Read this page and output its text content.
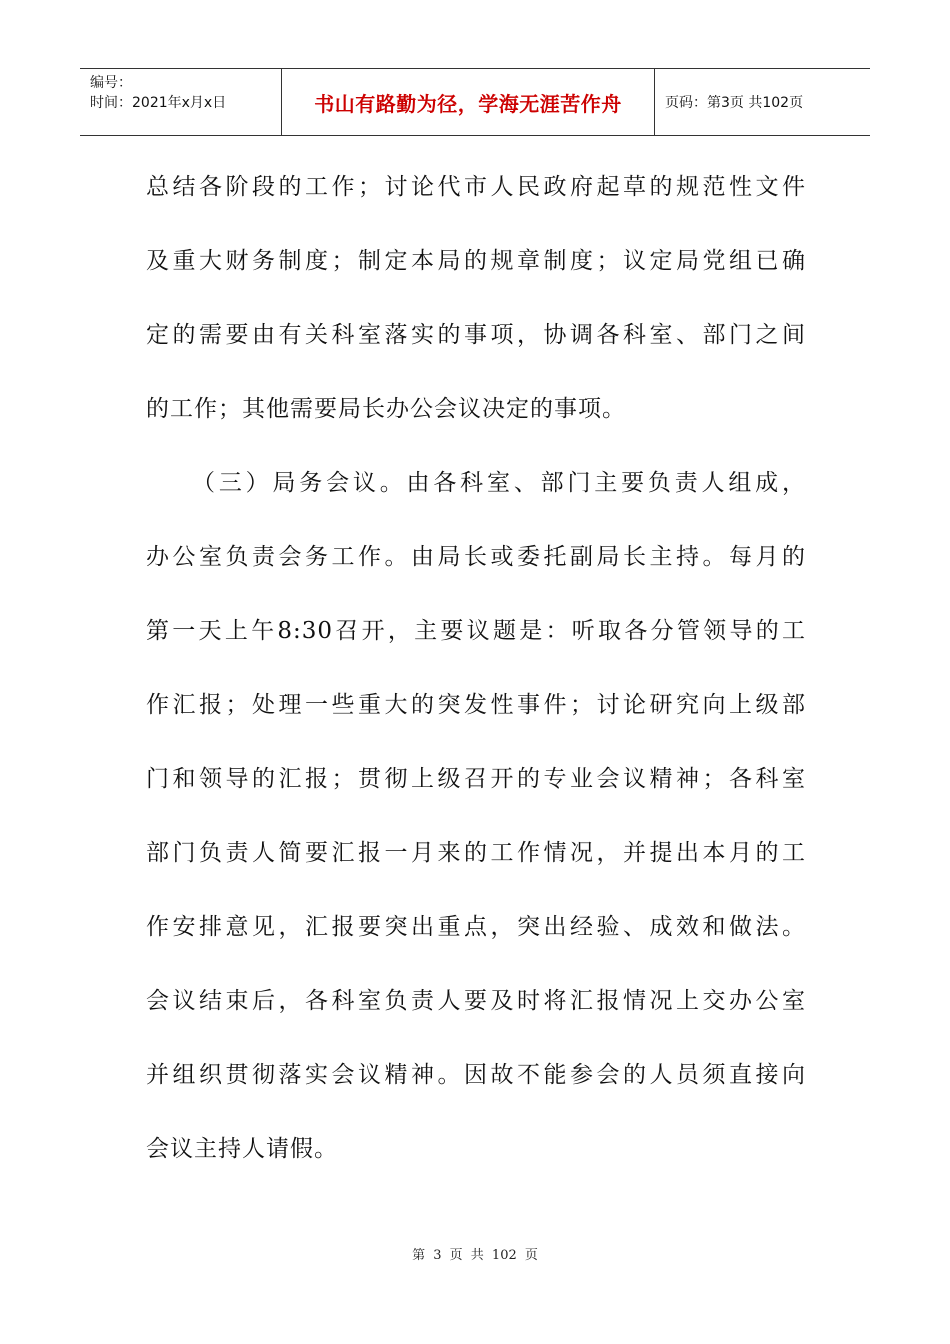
编号：
时间：2021年x月x日	书山有路勤为径，学海无涯苦作舟	页码：第3页 共102页
总结各阶段的工作；讨论代市人民政府起草的规范性文件
及重大财务制度；制定本局的规章制度；议定局党组已确
定的需要由有关科室落实的事项，协调各科室、部门之间
的工作；其他需要局长办公会议决定的事项。
（三）局务会议。由各科室、部门主要负责人组成，
办公室负责会务工作。由局长或委托副局长主持。每月的
第一天上午8:30召开，主要议题是：听取各分管领导的工
作汇报；处理一些重大的突发性事件；讨论研究向上级部
门和领导的汇报；贯彻上级召开的专业会议精神；各科室
部门负责人简要汇报一月来的工作情况，并提出本月的工
作安排意见，汇报要突出重点，突出经验、成效和做法。
会议结束后，各科室负责人要及时将汇报情况上交办公室
并组织贯彻落实会议精神。因故不能参会的人员须直接向
会议主持人请假。
第 3 页 共 102 页
